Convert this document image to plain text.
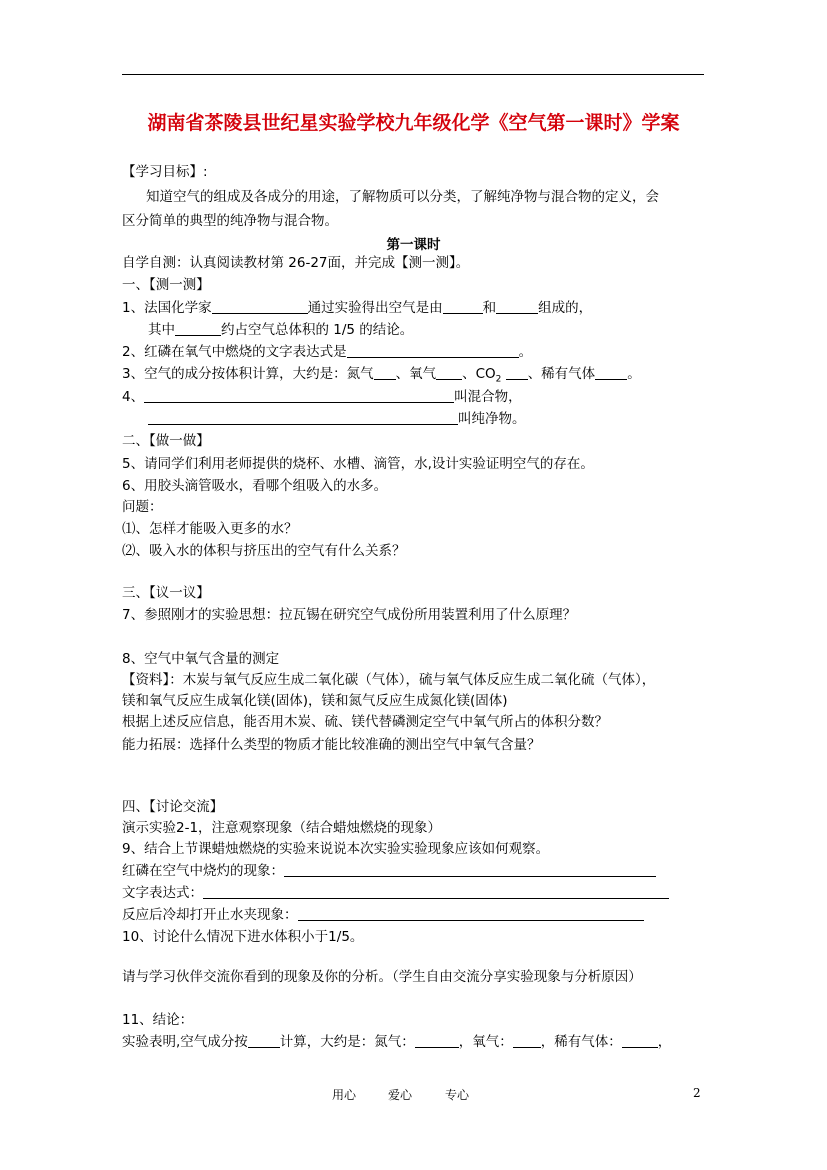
湖南省茶陵县世纪星实验学校九年级化学《空气第一课时》学案
【学习目标】:
知道空气的组成及各成分的用途，了解物质可以分类，了解纯净物与混合物的定义，会
区分简单的典型的纯净物与混合物。
第一课时
自学自测：认真阅读教材第 26-27面，并完成【测一测】。
一、【测一测】
1、法国化学家	通过实验得出空气是由	和	组成的，
其中	约占空气总体积的 1/5 的结论。
2、红磷在氧气中燃烧的文字表达式是	。
3、空气的成分按体积计算，大约是：氮气 、氧气 、$CO_2$ 、稀有气体 。
4、	叫混合物，
叫纯净物。
二、【做一做】
5、请同学们利用老师提供的烧杯、水槽、滴管，水,设计实验证明空气的存在。
6、用胶头滴管吸水，看哪个组吸入的水多。
问题：
⑴、怎样才能吸入更多的水？
⑵、吸入水的体积与挤压出的空气有什么关系？
三、【议一议】
7、参照刚才的实验思想：拉瓦锡在研究空气成份所用装置利用了什么原理？
8、空气中氧气含量的测定
【资料】：木炭与氧气反应生成二氧化碳（气体），硫与氧气体反应生成二氧化硫（气体），
镁和氧气反应生成氧化镁(固体)，镁和氮气反应生成氮化镁(固体)
根据上述反应信息，能否用木炭、硫、镁代替磷测定空气中氧气所占的体积分数？
能力拓展：选择什么类型的物质才能比较准确的测出空气中氧气含量？
四、【讨论交流】
演示实验2-1，注意观察现象（结合蜡烛燃烧的现象）
9、结合上节课蜡烛燃烧的实验来说说本次实验实验现象应该如何观察。
红磷在空气中烧灼的现象：
文字表达式：
反应后冷却打开止水夹现象：
10、讨论什么情况下进水体积小于1/5。
请与学习伙伴交流你看到的现象及你的分析。（学生自由交流分享实验现象与分析原因）
11、结论：
实验表明,空气成分按 计算，大约是：氮气：	，氧气： ，稀有气体：	，
用心	爱心	专心	2
